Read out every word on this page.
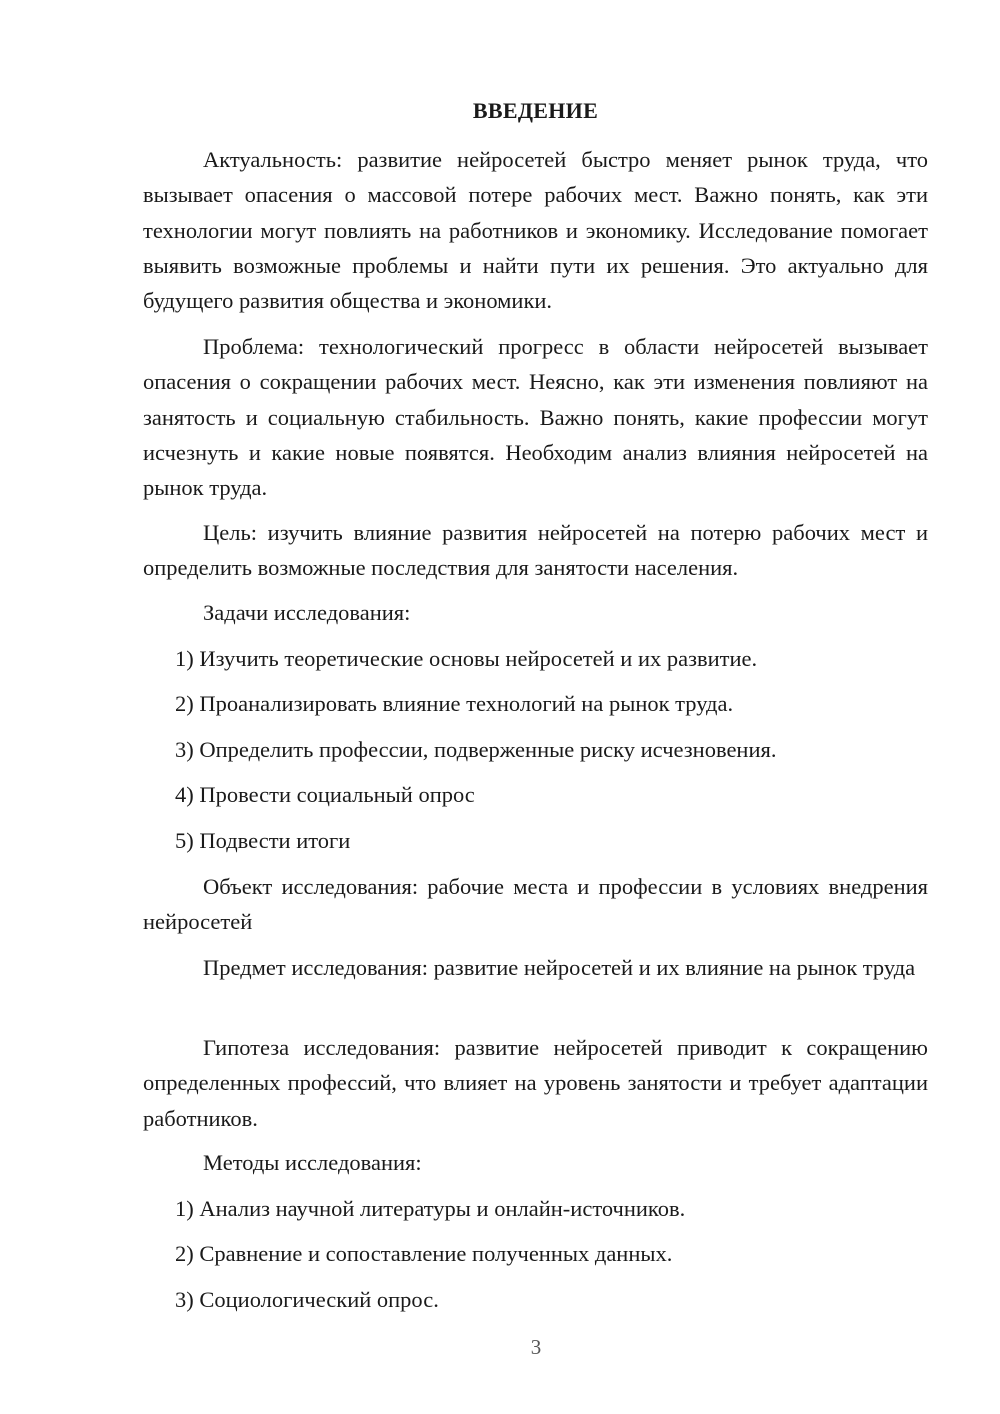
ВВЕДЕНИЕ

Актуальность: развитие нейросетей быстро меняет рынок труда, что вызывает опасения о массовой потере рабочих мест. Важно понять, как эти технологии могут повлиять на работников и экономику. Исследование помогает выявить возможные проблемы и найти пути их решения. Это актуально для будущего развития общества и экономики.

Проблема: технологический прогресс в области нейросетей вызывает опасения о сокращении рабочих мест. Неясно, как эти изменения повлияют на занятость и социальную стабильность. Важно понять, какие профессии могут исчезнуть и какие новые появятся. Необходим анализ влияния нейросетей на рынок труда.

Цель: изучить влияние развития нейросетей на потерю рабочих мест и определить возможные последствия для занятости населения.

Задачи исследования:

1) Изучить теоретические основы нейросетей и их развитие.

2) Проанализировать влияние технологий на рынок труда.

3) Определить профессии, подверженные риску исчезновения.

4) Провести социальный опрос

5) Подвести итоги

Объект исследования: рабочие места и профессии в условиях внедрения нейросетей

Предмет исследования: развитие нейросетей и их влияние на рынок труда

Гипотеза исследования: развитие нейросетей приводит к сокращению определенных профессий, что влияет на уровень занятости и требует адаптации работников.

Методы исследования:

1) Анализ научной литературы и онлайн-источников.

2) Сравнение и сопоставление полученных данных.

3) Социологический опрос.

3
